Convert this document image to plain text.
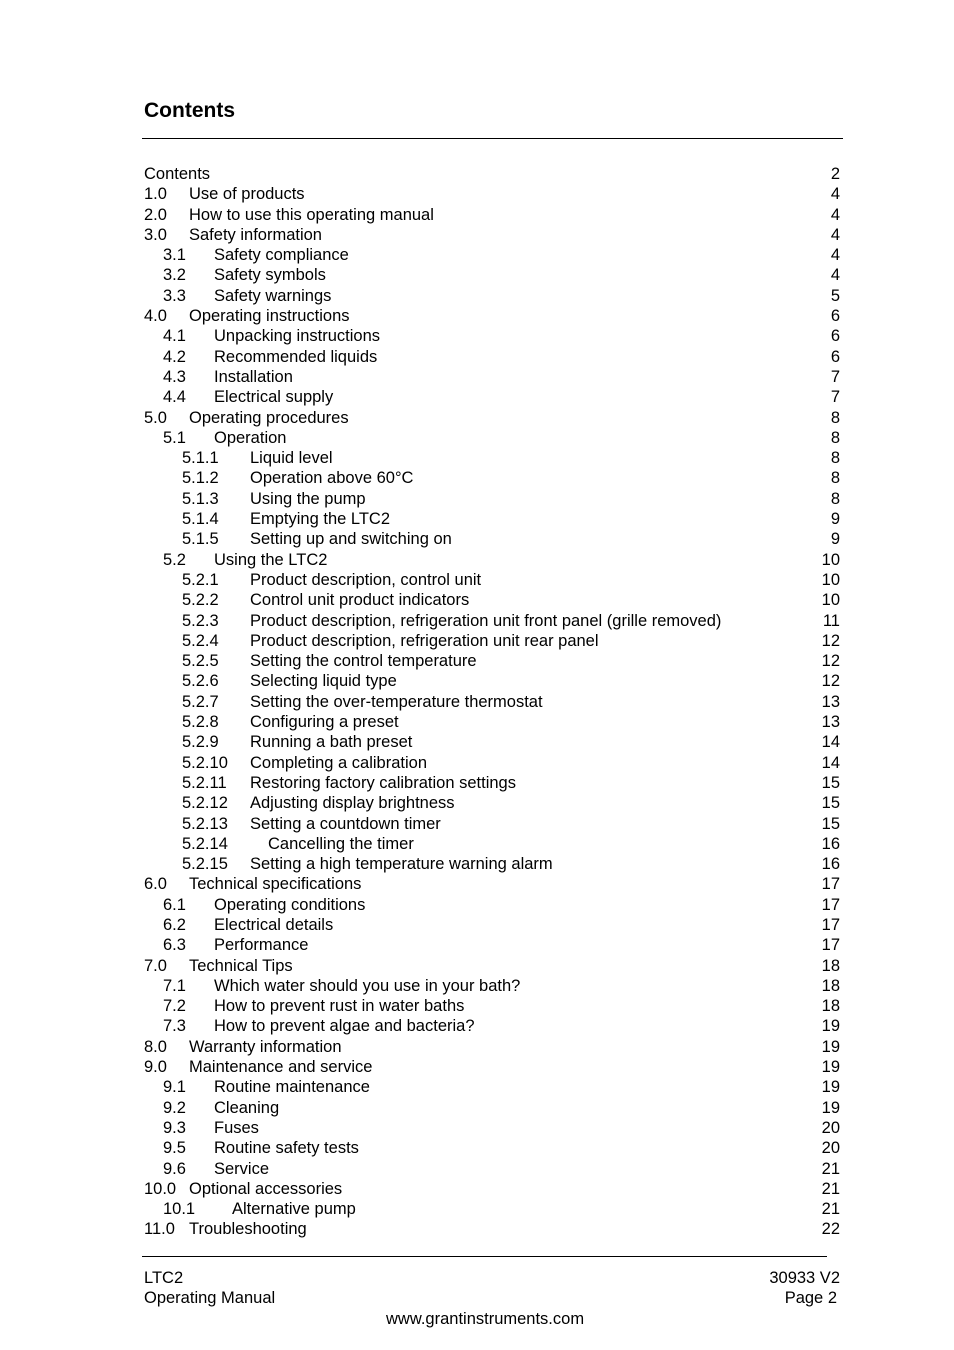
Contents
Contents	2
1.0 Use of products	4
2.0 How to use this operating manual	4
3.0 Safety information	4
3.1 Safety compliance	4
3.2 Safety symbols	4
3.3 Safety warnings	5
4.0 Operating instructions	6
4.1 Unpacking instructions	6
4.2 Recommended liquids	6
4.3 Installation	7
4.4 Electrical supply	7
5.0 Operating procedures	8
5.1 Operation	8
5.1.1 Liquid level	8
5.1.2 Operation above 60°C	8
5.1.3 Using the pump	8
5.1.4 Emptying the LTC2	9
5.1.5 Setting up and switching on	9
5.2 Using the LTC2	10
5.2.1 Product description, control unit	10
5.2.2 Control unit product indicators	10
5.2.3 Product description, refrigeration unit front panel (grille removed)	11
5.2.4 Product description, refrigeration unit rear panel	12
5.2.5 Setting the control temperature	12
5.2.6 Selecting liquid type	12
5.2.7 Setting the over-temperature thermostat	13
5.2.8 Configuring a preset	13
5.2.9 Running a bath preset	14
5.2.10 Completing a calibration	14
5.2.11 Restoring factory calibration settings	15
5.2.12 Adjusting display brightness	15
5.2.13 Setting a countdown timer	15
5.2.14 Cancelling the timer	16
5.2.15 Setting a high temperature warning alarm	16
6.0 Technical specifications	17
6.1 Operating conditions	17
6.2 Electrical details	17
6.3 Performance	17
7.0 Technical Tips	18
7.1 Which water should you use in your bath?	18
7.2 How to prevent rust in water baths	18
7.3 How to prevent algae and bacteria?	19
8.0 Warranty information	19
9.0 Maintenance and service	19
9.1 Routine maintenance	19
9.2 Cleaning	19
9.3 Fuses	20
9.5 Routine safety tests	20
9.6 Service	21
10.0 Optional accessories	21
10.1 Alternative pump	21
11.0 Troubleshooting	22
LTC2
Operating Manual
30933 V2
Page 2
www.grantinstruments.com
